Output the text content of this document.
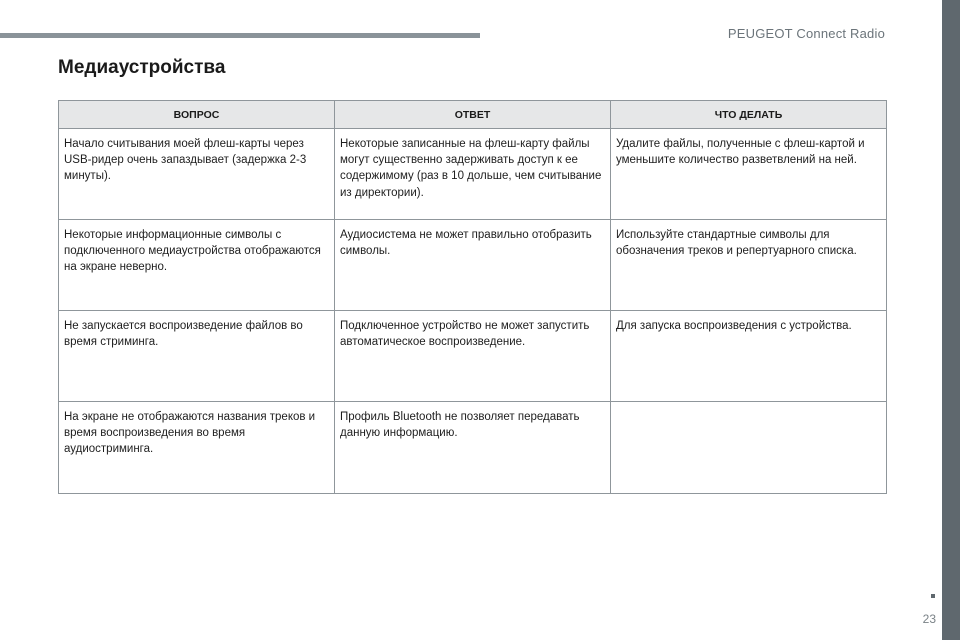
PEUGEOT Connect Radio
Медиаустройства
ВОПРОС	ОТВЕТ	ЧТО ДЕЛАТЬ
Начало считывания моей флеш-карты через USB-ридер очень запаздывает (задержка 2-3 минуты).	Некоторые записанные на флеш-карту файлы могут существенно задерживать доступ к ее содержимому (раз в 10 дольше, чем считывание из директории).	Удалите файлы, полученные с флеш-картой и уменьшите количество разветвлений на ней.
Некоторые информационные символы с подключенного медиаустройства отображаются на экране неверно.	Аудиосистема не может правильно отобразить символы.	Используйте стандартные символы для обозначения треков и репертуарного списка.
Не запускается воспроизведение файлов во время стриминга.	Подключенное устройство не может запустить автоматическое воспроизведение.	Для запуска воспроизведения с устройства.
На экране не отображаются названия треков и время воспроизведения во время аудиостриминга.	Профиль Bluetooth не позволяет передавать данную информацию.	
23
